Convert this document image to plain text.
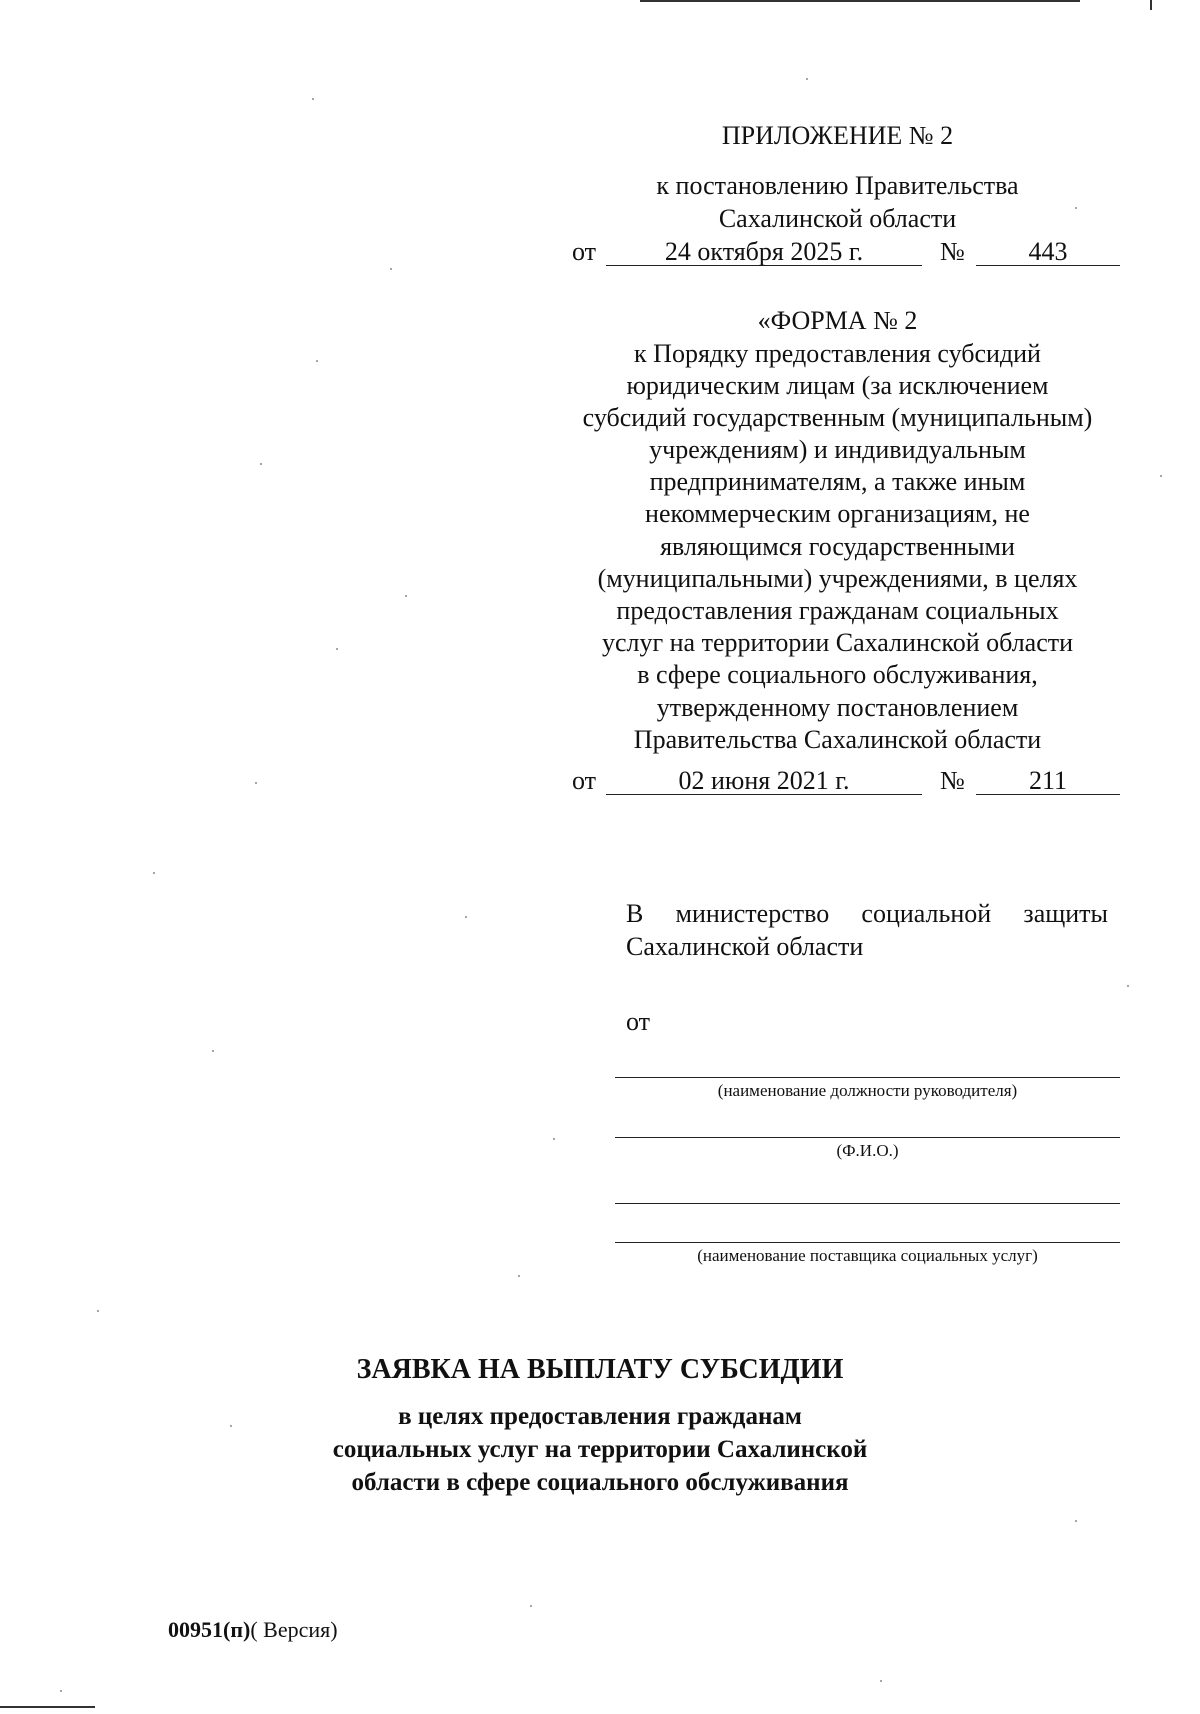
ПРИЛОЖЕНИЕ № 2
к постановлению Правительства
Сахалинской области
от	24 октября 2025 г.	№	443
«ФОРМА № 2
к Порядку предоставления субсидий
юридическим лицам (за исключением
субсидий государственным (муниципальным)
учреждениям) и индивидуальным
предпринимателям, а также иным
некоммерческим организациям, не
являющимся государственными
(муниципальными) учреждениями, в целях
предоставления гражданам социальных
услуг на территории Сахалинской области
в сфере социального обслуживания,
утвержденному постановлением
Правительства Сахалинской области
от	02 июня 2021 г.	№	211
В министерство социальной защиты
Сахалинской области
от
(наименование должности руководителя)
(Ф.И.О.)
(наименование поставщика социальных услуг)
ЗАЯВКА НА ВЫПЛАТУ СУБСИДИИ
в целях предоставления гражданам
социальных услуг на территории Сахалинской
области в сфере социального обслуживания
00951(п)( Версия)
